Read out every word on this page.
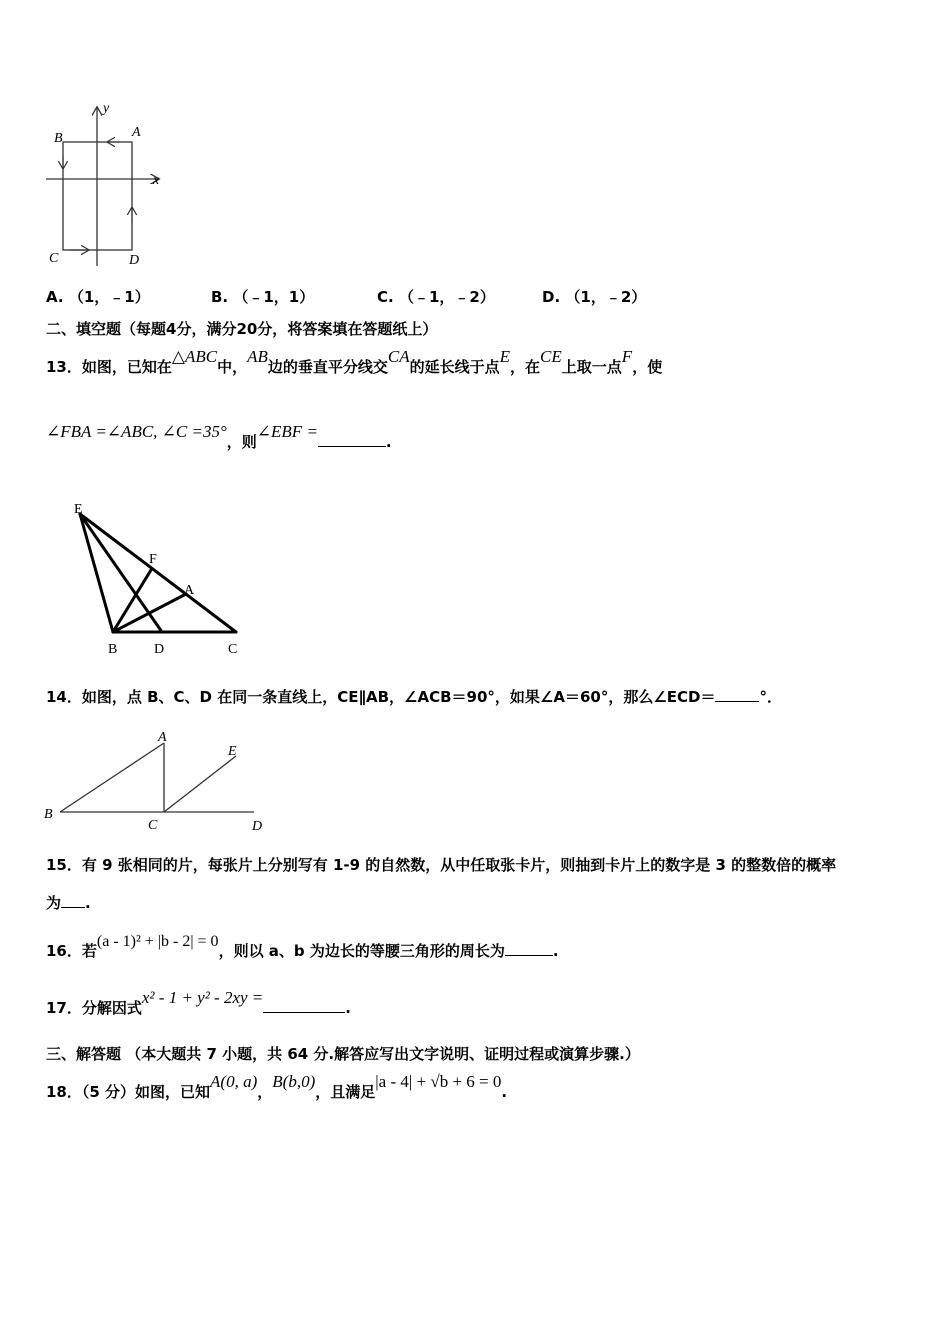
y
A
B
x
C	D
A. （1，﹣1）	B. （﹣1，1）	C. （﹣1，﹣2）	D. （1，﹣2）
二、填空题（每题4分，满分20分，将答案填在答题纸上）
13．如图，已知在△ABC中，AB边的垂直平分线交CA的延长线于点E，在CE上取一点F，使
∠FBA =∠ABC, ∠C =35°，则∠EBF =.
E
F
A
B	D	C
14．如图，点 B、C、D 在同一条直线上，CE∥AB，∠ACB＝90°，如果∠A＝60°，那么∠ECD＝	°．
A
E
B
C	D
15．有 9 张相同的片，每张片上分别写有 1-9 的自然数，从中任取张卡片，则抽到卡片上的数字是 3 的整数倍的概率
为 .
16．若(a - 1)² + |b - 2| = 0，则以 a、b 为边长的等腰三角形的周长为	.
17．分解因式x² - 1 + y² - 2xy =.
三、解答题 （本大题共 7 小题，共 64 分.解答应写出文字说明、证明过程或演算步骤.）
18．（5 分）如图，已知A(0, a)，B(b,0)，且满足|a - 4| + √b + 6 = 0.
